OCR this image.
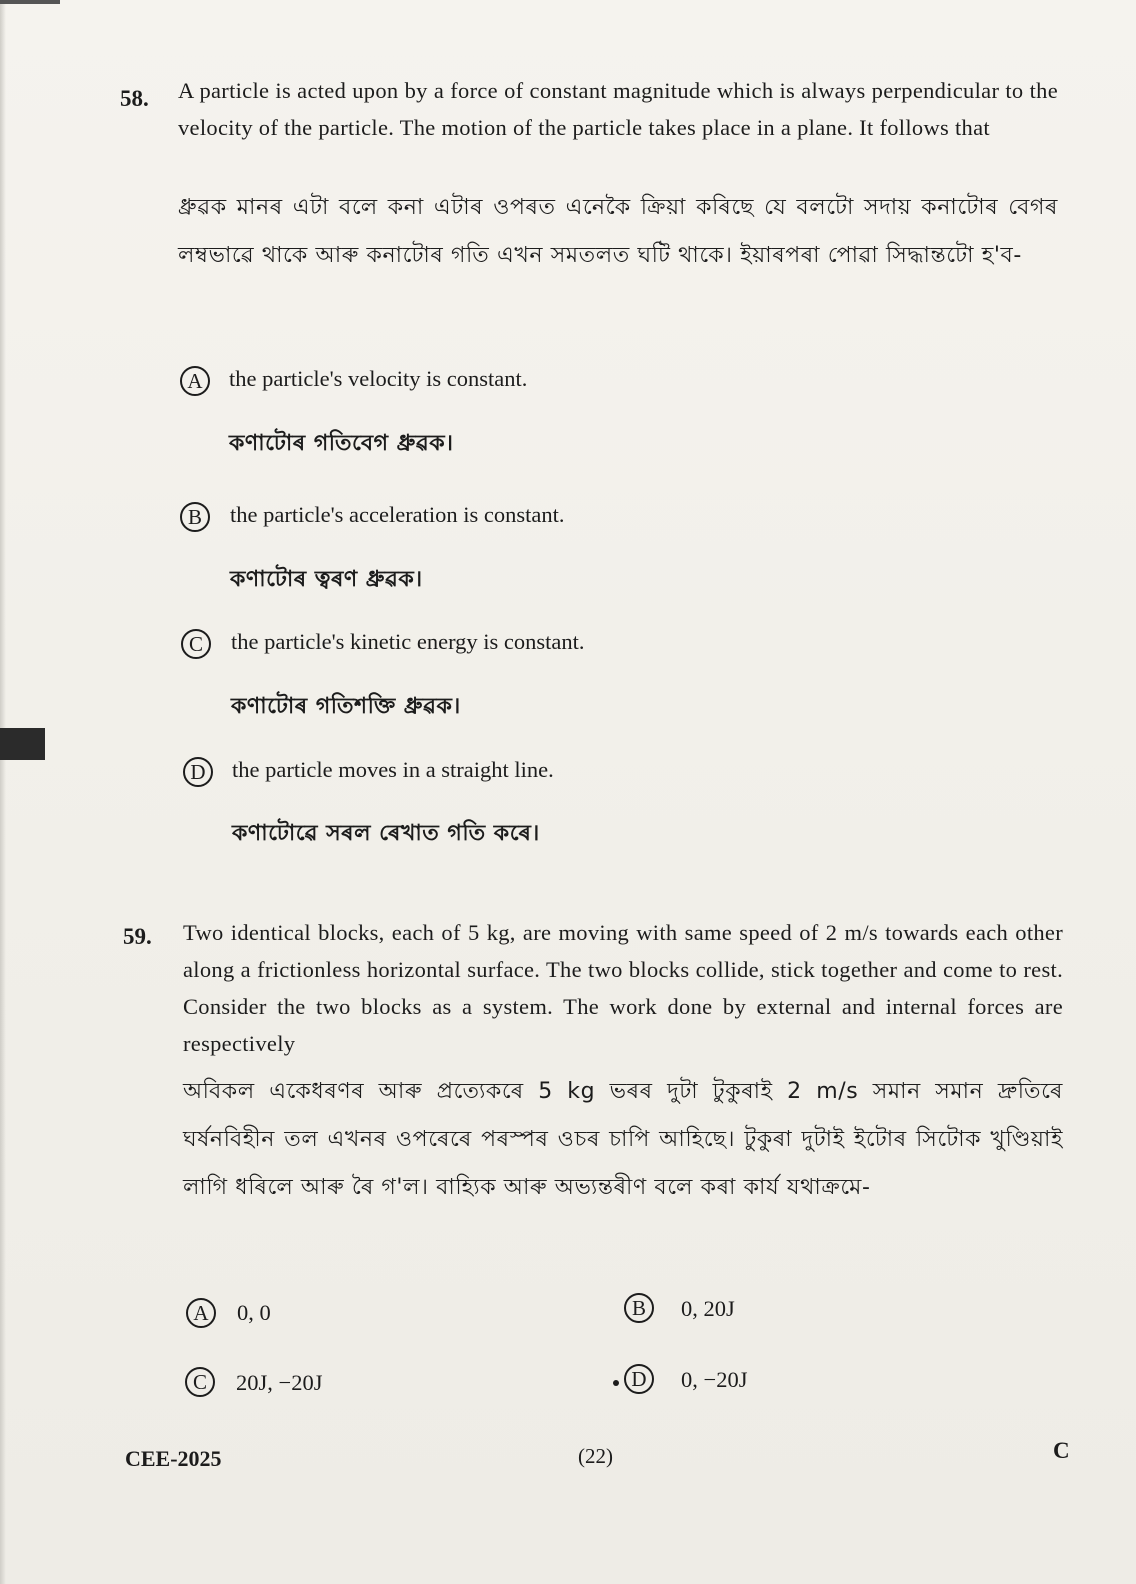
58. A particle is acted upon by a force of constant magnitude which is always perpendicular to the velocity of the particle. The motion of the particle takes place in a plane. It follows that
ধ্ৰুৱক মানৰ এটা বলে কনা এটাৰ ওপৰত এনেকৈ ক্ৰিয়া কৰিছে যে বলটো সদায় কনাটোৰ বেগৰ লম্বভাৱে থাকে আৰু কনাটোৰ গতি এখন সমতলত ঘটি থাকে। ইয়াৰপৰা পোৱা সিদ্ধান্তটো হ'ব-
A	the particle's velocity is constant.
কণাটোৰ গতিবেগ ধ্ৰুৱক।
B	the particle's acceleration is constant.
কণাটোৰ ত্বৰণ ধ্ৰুৱক।
C	the particle's kinetic energy is constant.
কণাটোৰ গতিশক্তি ধ্ৰুৱক।
D	the particle moves in a straight line.
কণাটোৱে সৰল ৰেখাত গতি কৰে।
59. Two identical blocks, each of 5 kg, are moving with same speed of 2 m/s towards each other along a frictionless horizontal surface. The two blocks collide, stick together and come to rest. Consider the two blocks as a system. The work done by external and internal forces are respectively
অবিকল একেধৰণৰ আৰু প্ৰত্যেকৰে 5 kg ভৰৰ দুটা টুকুৰাই 2 m/s সমান সমান দ্ৰুতিৰে ঘৰ্ষনবিহীন তল এখনৰ ওপৰেৰে পৰস্পৰ ওচৰ চাপি আহিছে। টুকুৰা দুটাই ইটোৰ সিটোক খুণ্ডিয়াই লাগি ধৰিলে আৰু ৰৈ গ'ল। বাহ্যিক আৰু অভ্যন্তৰীণ বলে কৰা কাৰ্য যথাক্ৰমে-
A	0, 0	B	0, 20J
C	20J, −20J	D	0, −20J
CEE-2025	(22)	C
